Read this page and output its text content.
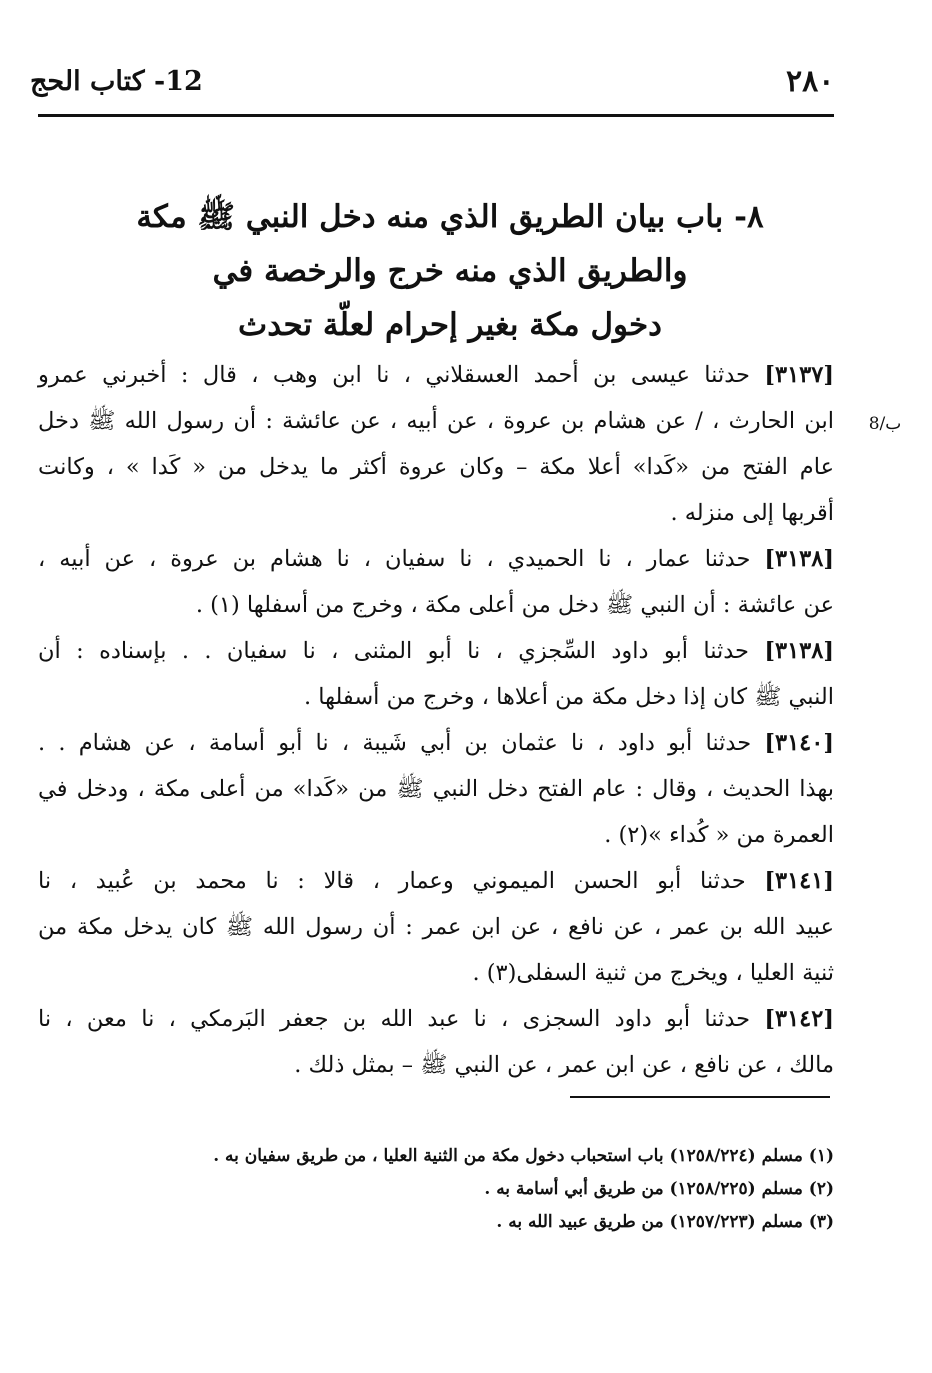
٢٨٠
12- كتاب الحج
٨- باب بيان الطريق الذي منه دخل النبي ﷺ مكة
والطريق الذي منه خرج والرخصة في
دخول مكة بغير إحرام لعلّة تحدث
8/ب
[٣١٣٧] حدثنا عيسى بن أحمد العسقلاني ، نا ابن وهب ، قال : أخبرني عمرو
ابن الحارث ، / عن هشام بن عروة ، عن أبيه ، عن عائشة : أن رسول الله ﷺ دخل
عام الفتح من «كَدا» أعلا مكة – وكان عروة أكثر ما يدخل من « كَدا » ، وكانت
أقربها إلى منزله .
[٣١٣٨] حدثنا عمار ، نا الحميدي ، نا سفيان ، نا هشام بن عروة ، عن أبيه ،
عن عائشة : أن النبي ﷺ دخل من أعلى مكة ، وخرج من أسفلها (١) .
[٣١٣٨] حدثنا أبو داود السِّجزي ، نا أبو المثنى ، نا سفيان . . بإسناده : أن
النبي ﷺ كان إذا دخل مكة من أعلاها ، وخرج من أسفلها .
[٣١٤٠] حدثنا أبو داود ، نا عثمان بن أبي شَيبة ، نا أبو أسامة ، عن هشام . .
بهذا الحديث ، وقال : عام الفتح دخل النبي ﷺ من «كَدا» من أعلى مكة ، ودخل في
العمرة من « كُداء »(٢) .
[٣١٤١] حدثنا أبو الحسن الميموني وعمار ، قالا : نا محمد بن عُبيد ، نا
عبيد الله بن عمر ، عن نافع ، عن ابن عمر : أن رسول الله ﷺ كان يدخل مكة من
ثنية العليا ، ويخرج من ثنية السفلى(٣) .
[٣١٤٢] حدثنا أبو داود السجزى ، نا عبد الله بن جعفر البَرمكي ، نا معن ، نا
مالك ، عن نافع ، عن ابن عمر ، عن النبي ﷺ – بمثل ذلك .
(١) مسلم (١٢٥٨/٢٢٤) باب استحباب دخول مكة من الثنية العليا ، من طريق سفيان به .
(٢) مسلم (١٢٥٨/٢٢٥) من طريق أبي أسامة به .
(٣) مسلم (١٢٥٧/٢٢٣) من طريق عبيد الله به .
